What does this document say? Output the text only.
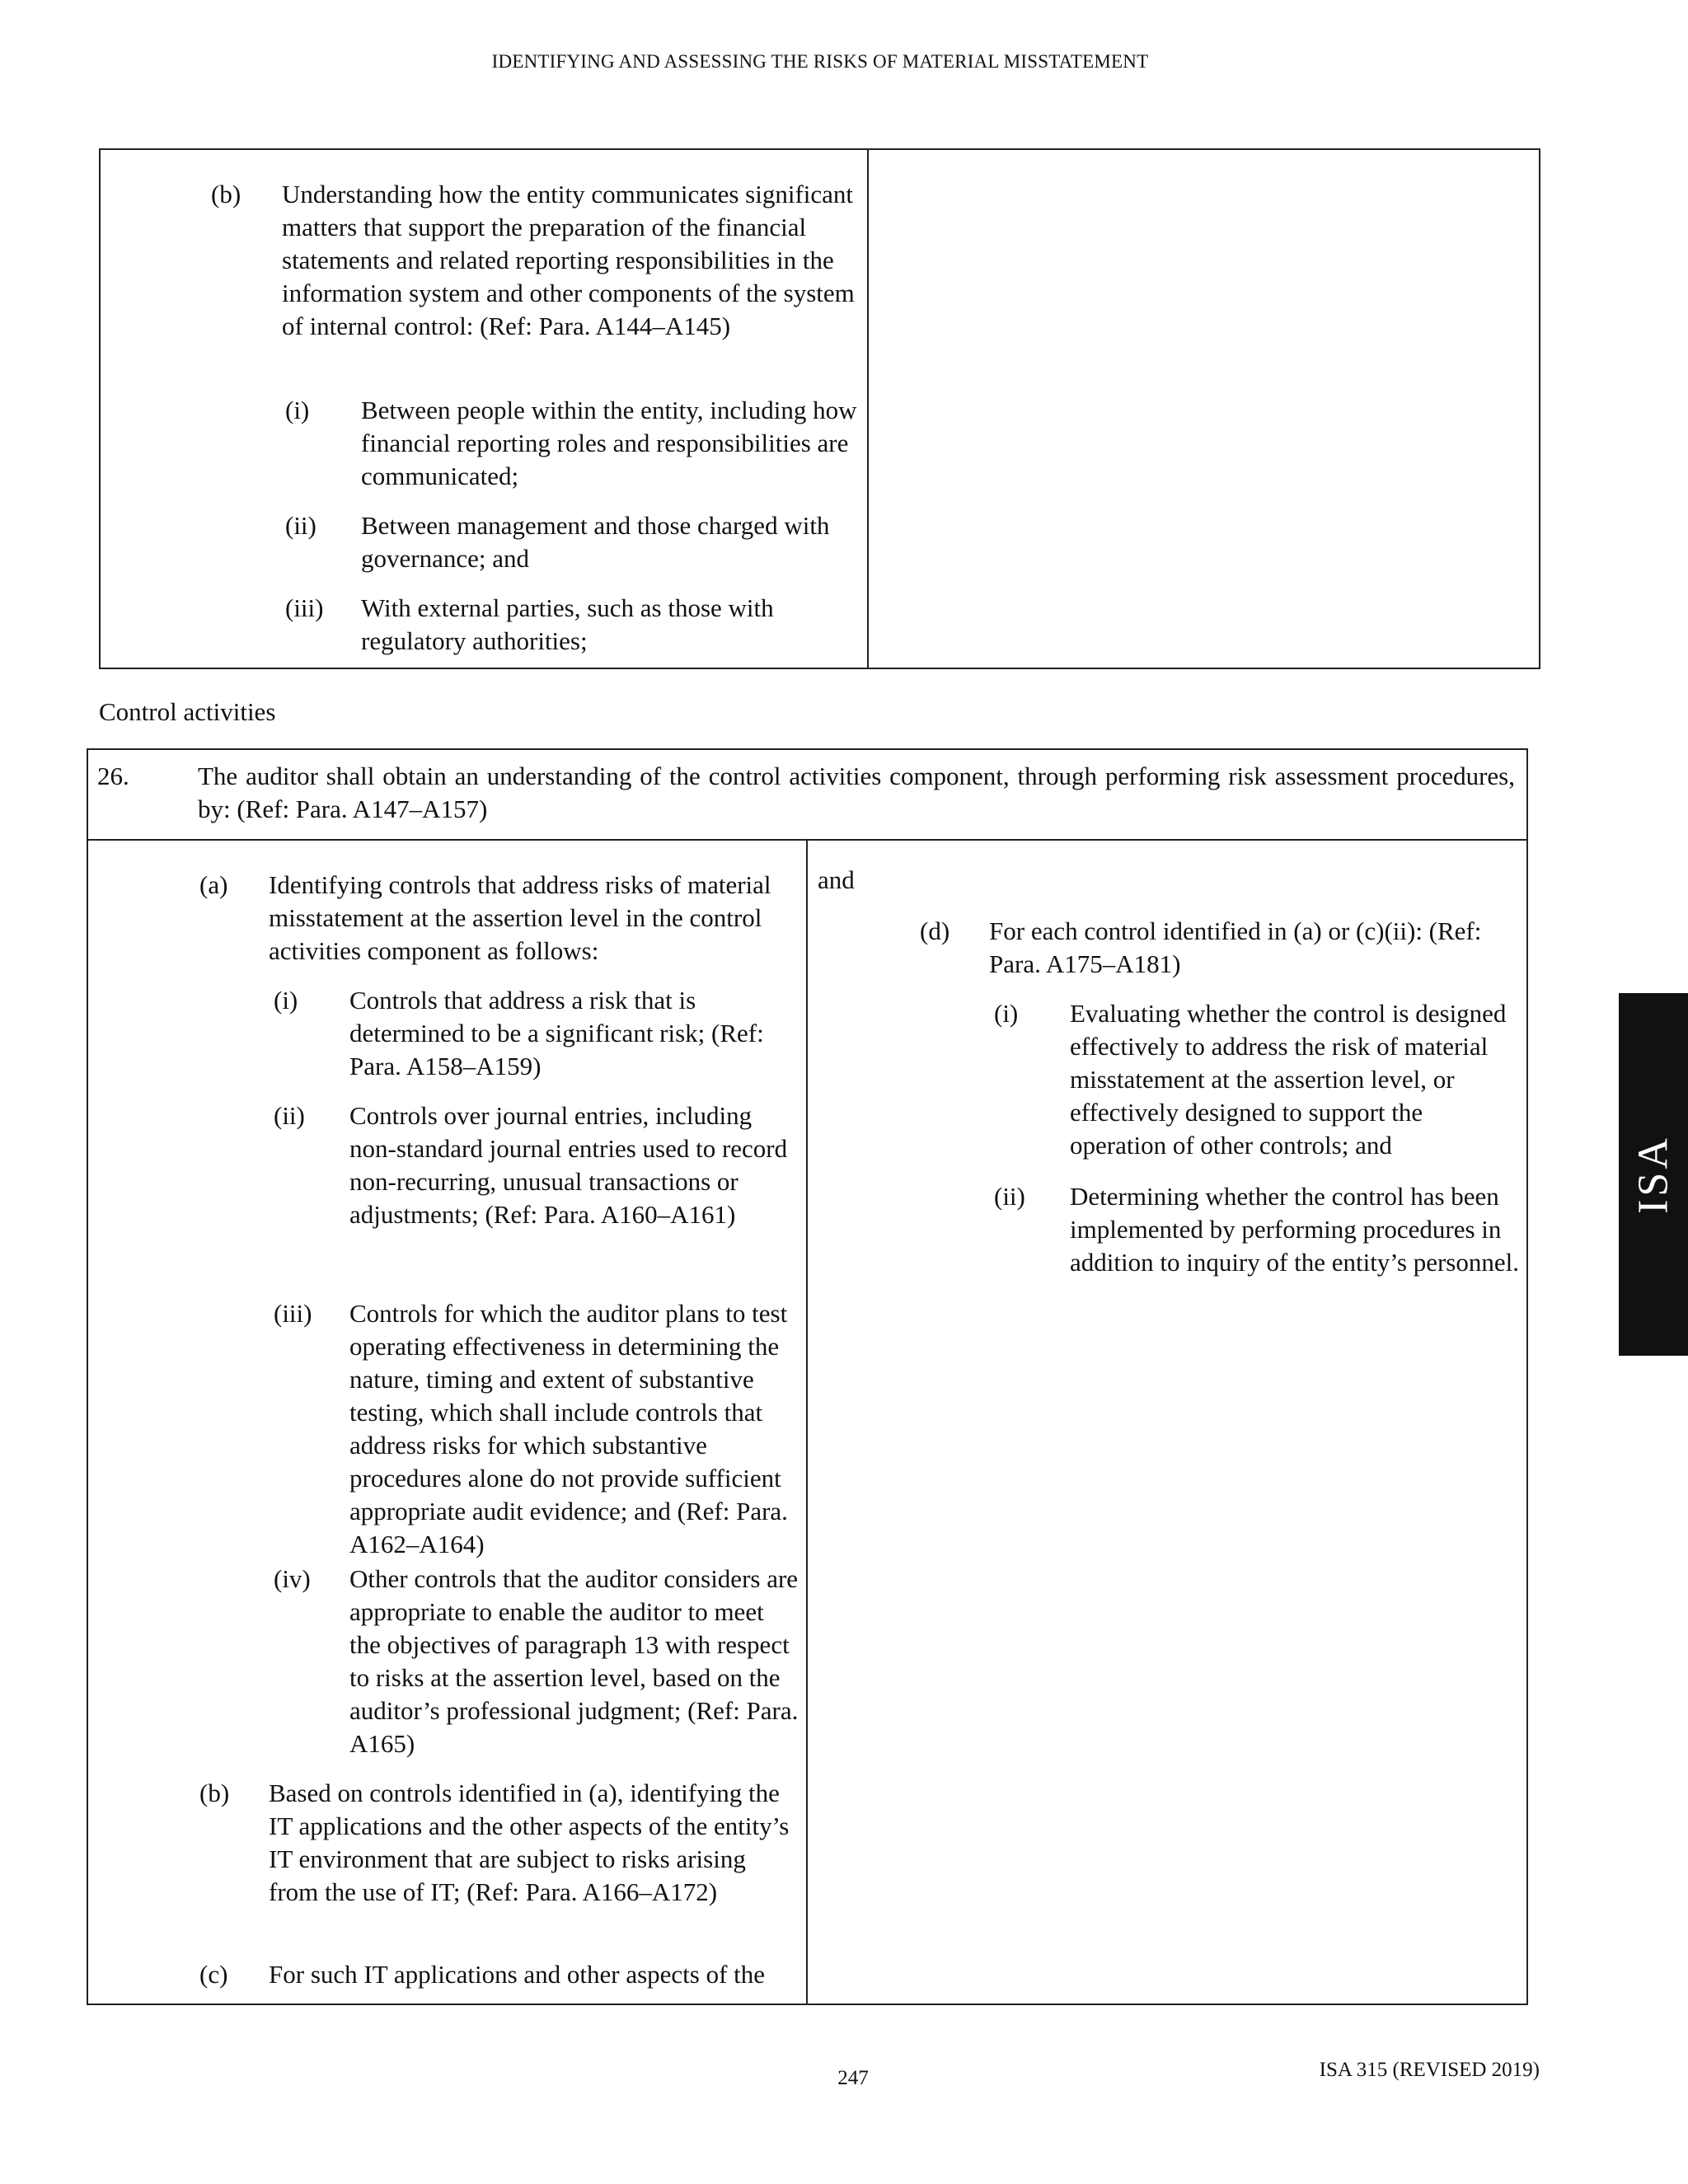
IDENTIFYING AND ASSESSING THE RISKS OF MATERIAL MISSTATEMENT
(b) Understanding how the entity communicates significant matters that support the preparation of the financial statements and related reporting responsibilities in the information system and other components of the system of internal control: (Ref: Para. A144–A145)
(i) Between people within the entity, including how financial reporting roles and responsibilities are communicated;
(ii) Between management and those charged with governance; and
(iii) With external parties, such as those with regulatory authorities;
Control activities
26.	The auditor shall obtain an understanding of the control activities component, through performing risk assessment procedures, by: (Ref: Para. A147–A157)
(a) Identifying controls that address risks of material misstatement at the assertion level in the control activities component as follows:
(i) Controls that address a risk that is determined to be a significant risk; (Ref: Para. A158–A159)
(ii) Controls over journal entries, including non-standard journal entries used to record non-recurring, unusual transactions or adjustments; (Ref: Para. A160–A161)
(iii) Controls for which the auditor plans to test operating effectiveness in determining the nature, timing and extent of substantive testing, which shall include controls that address risks for which substantive procedures alone do not provide sufficient appropriate audit evidence; and (Ref: Para. A162–A164)
(iv) Other controls that the auditor considers are appropriate to enable the auditor to meet the objectives of paragraph 13 with respect to risks at the assertion level, based on the auditor’s professional judgment; (Ref: Para. A165)
(b) Based on controls identified in (a), identifying the IT applications and the other aspects of the entity’s IT environment that are subject to risks arising from the use of IT; (Ref: Para. A166–A172)
(c) For such IT applications and other aspects of the
and
(d) For each control identified in (a) or (c)(ii): (Ref: Para. A175–A181)
(i) Evaluating whether the control is designed effectively to address the risk of material misstatement at the assertion level, or effectively designed to support the operation of other controls; and
(ii) Determining whether the control has been implemented by performing procedures in addition to inquiry of the entity’s personnel.
ISA
247	ISA 315 (REVISED 2019)
